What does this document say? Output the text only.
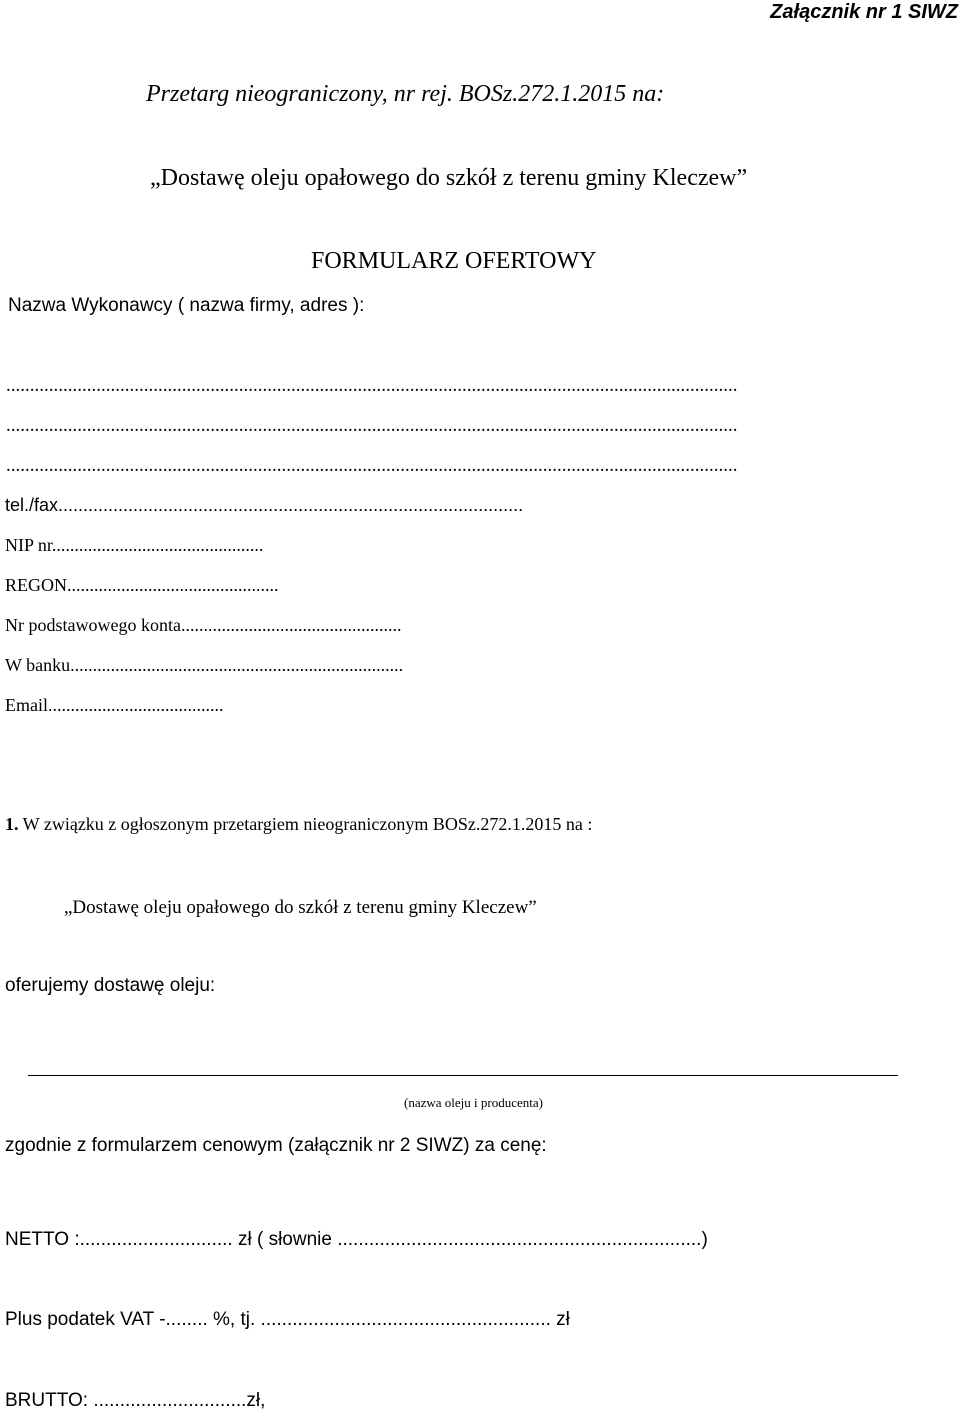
Załącznik nr 1 SIWZ
Przetarg nieograniczony, nr rej. BOSz.272.1.2015 na:
„Dostawę oleju opałowego do szkół z terenu gminy Kleczew”
FORMULARZ OFERTOWY
Nazwa Wykonawcy ( nazwa firmy, adres ):
..........................................................................................................................................................
..........................................................................................................................................................
..........................................................................................................................................................
tel./fax.............................................................................................
NIP nr...............................................
REGON...............................................
Nr podstawowego konta.................................................
W banku..........................................................................
Email.......................................
1. W związku z ogłoszonym przetargiem nieograniczonym BOSz.272.1.2015 na :
„Dostawę oleju opałowego do szkół z terenu gminy Kleczew”
oferujemy dostawę oleju:
(nazwa oleju i producenta)
zgodnie z formularzem cenowym (załącznik nr 2 SIWZ) za cenę:
NETTO :............................. zł ( słownie .....................................................................)
Plus podatek VAT -........ %, tj. ....................................................... zł
BRUTTO: .............................zł,
